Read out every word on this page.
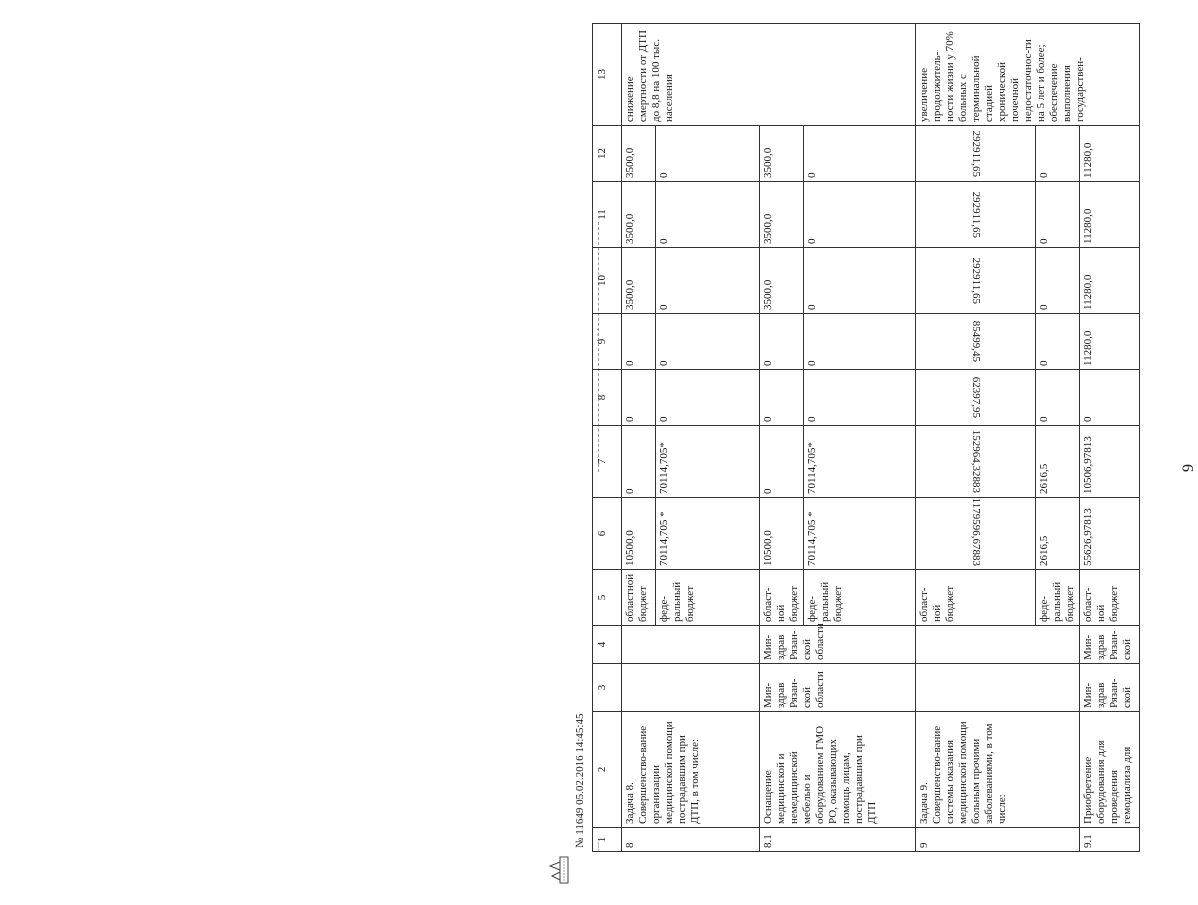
· · ·
9
№ 11649 05.02.2016 14:45:45 1	2	3	4	5	6	7	8	9	10	11	12	13
8	Задача 8. Совершенство-вание организации медицинской помощи пострадавшим при ДТП, в том числе:			областной бюджет	10500,0	0	0	0	3500,0	3500,0	3500,0	снижение смертности от ДТП до 8,8 на 100 тыс. населения
				феде-ральный бюджет	70114,705 *	70114,705*	0	0	0	0	0	
8.1	Оснащение медицинской и немедицинской мебелью и оборудованием ГМО РО, оказывающих помощь лицам, пострадавшим при ДТП	Мин-здрав Рязан-ской области	Мин-здрав Рязан-ской области	област-ной бюджет	10500,0	0	0	0	3500,0	3500,0	3500,0	
				феде-ральный бюджет	70114,705 *	70114,705*	0	0	0	0	0	
9	Задача 9. Совершенство-вание системы оказания медицинской помощи больным прочими заболеваниями, в том числе:			област-ной бюджет	1179596,67883	152964,32883	62397,95	85499,45	292911,65	292911,65	292911,65	увеличение продолжитель-ности жизни у 70% больных с терминальной стадией хронической почечной недостаточнос-ти на 5 лет и более; обеспечение выполнения государствен-
				феде-ральный бюджет	2616,5	2616,5	0	0	0	0	0	
9.1	Приобретение оборудования для проведения гемодиализа для	Мин-здрав Рязан-ской	Мин-здрав Рязан-ской	област-ной бюджет	55626,97813	10506,97813	0	11280,0	11280,0	11280,0	11280,0	
